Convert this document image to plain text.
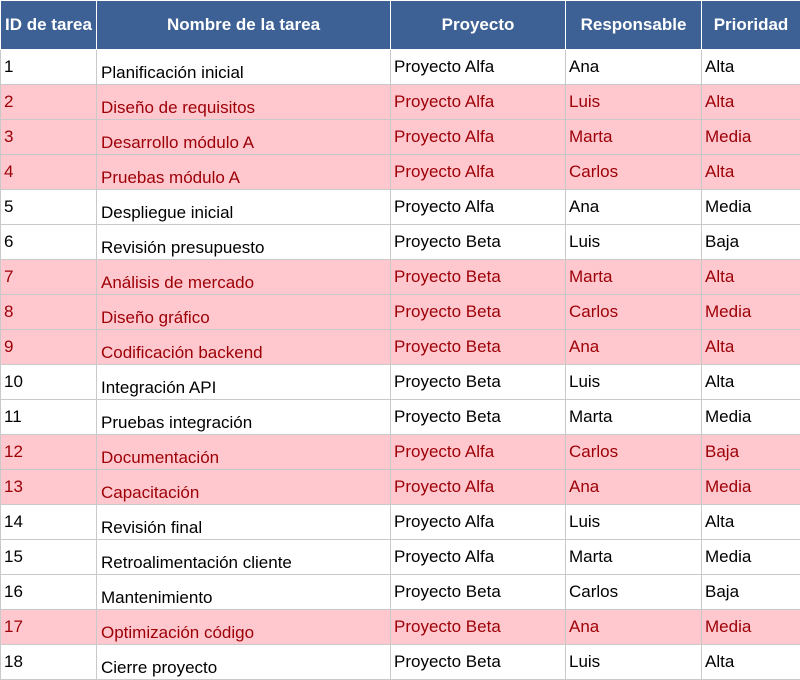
ID de tarea	Nombre de la tarea	Proyecto	Responsable	Prioridad
1	Planificación inicial	Proyecto Alfa	Ana	Alta
2	Diseño de requisitos	Proyecto Alfa	Luis	Alta
3	Desarrollo módulo A	Proyecto Alfa	Marta	Media
4	Pruebas módulo A	Proyecto Alfa	Carlos	Alta
5	Despliegue inicial	Proyecto Alfa	Ana	Media
6	Revisión presupuesto	Proyecto Beta	Luis	Baja
7	Análisis de mercado	Proyecto Beta	Marta	Alta
8	Diseño gráfico	Proyecto Beta	Carlos	Media
9	Codificación backend	Proyecto Beta	Ana	Alta
10	Integración API	Proyecto Beta	Luis	Alta
11	Pruebas integración	Proyecto Beta	Marta	Media
12	Documentación	Proyecto Alfa	Carlos	Baja
13	Capacitación	Proyecto Alfa	Ana	Media
14	Revisión final	Proyecto Alfa	Luis	Alta
15	Retroalimentación cliente	Proyecto Alfa	Marta	Media
16	Mantenimiento	Proyecto Beta	Carlos	Baja
17	Optimización código	Proyecto Beta	Ana	Media
18	Cierre proyecto	Proyecto Beta	Luis	Alta
